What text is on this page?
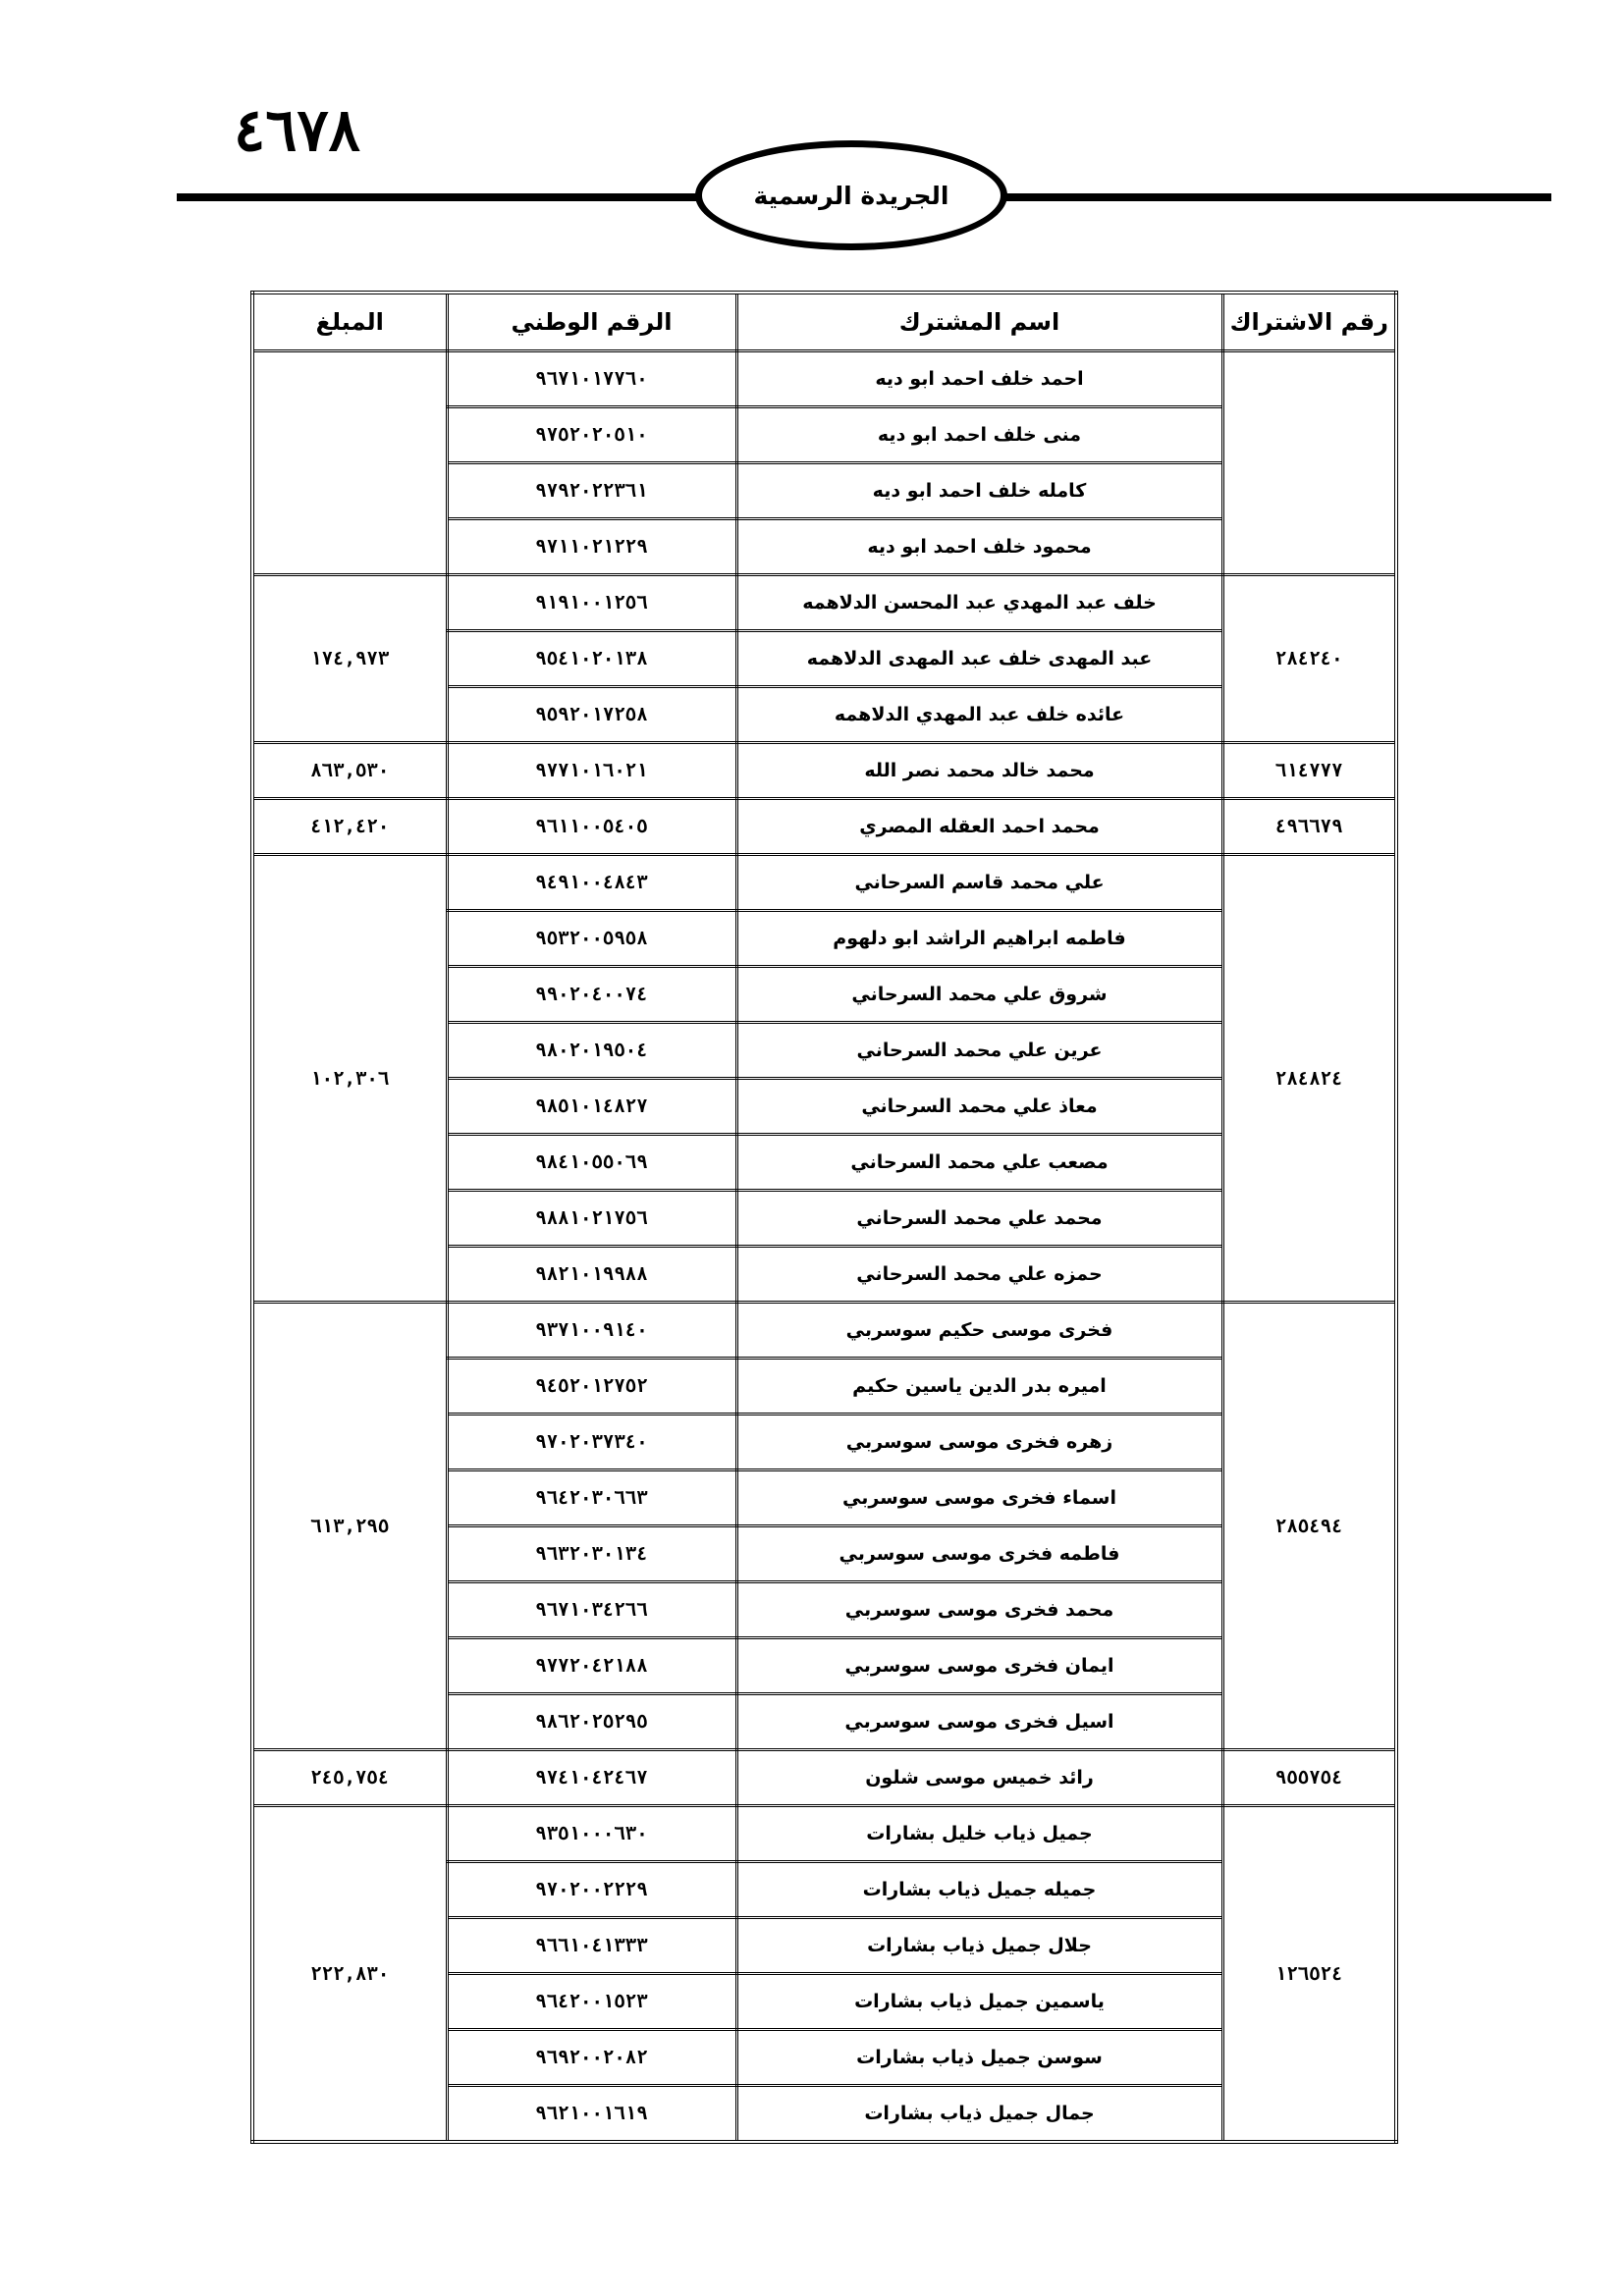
٤٦٧٨
الجريدة الرسمية
رقم الاشتراك	اسم المشترك	الرقم الوطني	المبلغ
	احمد خلف احمد ابو ديه	٩٦٧١٠١٧٧٦٠	
	منى خلف احمد ابو ديه	٩٧٥٢٠٢٠٥١٠	
	كامله خلف احمد ابو ديه	٩٧٩٢٠٢٢٣٦١	
	محمود خلف احمد ابو ديه	٩٧١١٠٢١٢٢٩	
٢٨٤٢٤٠	خلف عبد المهدي عبد المحسن الدلاهمه	٩١٩١٠٠١٢٥٦	١٧٤,٩٧٣
	عبد المهدى خلف عبد المهدى الدلاهمه	٩٥٤١٠٢٠١٣٨	
	عائده خلف عبد المهدي الدلاهمه	٩٥٩٢٠١٧٢٥٨	
٦١٤٧٧٧	محمد خالد محمد نصر الله	٩٧٧١٠١٦٠٢١	٨٦٣,٥٣٠
٤٩٦٦٧٩	محمد احمد العقله المصري	٩٦١١٠٠٥٤٠٥	٤١٢,٤٢٠
٢٨٤٨٢٤	علي محمد قاسم السرحاني	٩٤٩١٠٠٤٨٤٣	١٠٢,٣٠٦
	فاطمه ابراهيم الراشد ابو دلهوم	٩٥٣٢٠٠٥٩٥٨	
	شروق علي محمد السرحاني	٩٩٠٢٠٤٠٠٧٤	
	عرين علي محمد السرحاني	٩٨٠٢٠١٩٥٠٤	
	معاذ علي محمد السرحاني	٩٨٥١٠١٤٨٢٧	
	مصعب علي محمد السرحاني	٩٨٤١٠٥٥٠٦٩	
	محمد علي محمد السرحاني	٩٨٨١٠٢١٧٥٦	
	حمزه علي محمد السرحاني	٩٨٢١٠١٩٩٨٨	
٢٨٥٤٩٤	فخرى موسى حكيم سوسربي	٩٣٧١٠٠٩١٤٠	٦١٣,٢٩٥
	اميره بدر الدين ياسين حكيم	٩٤٥٢٠١٢٧٥٢	
	زهره فخرى موسى سوسربي	٩٧٠٢٠٣٧٣٤٠	
	اسماء فخرى موسى سوسربي	٩٦٤٢٠٣٠٦٦٣	
	فاطمه فخرى موسى سوسربي	٩٦٣٢٠٣٠١٣٤	
	محمد فخرى موسى سوسربي	٩٦٧١٠٣٤٢٦٦	
	ايمان فخرى موسى سوسربي	٩٧٧٢٠٤٢١٨٨	
	اسيل فخرى موسى سوسربي	٩٨٦٢٠٢٥٢٩٥	
٩٥٥٧٥٤	رائد خميس موسى شلون	٩٧٤١٠٤٢٤٦٧	٢٤٥,٧٥٤
١٢٦٥٢٤	جميل ذياب خليل بشارات	٩٣٥١٠٠٠٦٣٠	٢٢٢,٨٣٠
	جميله جميل ذياب بشارات	٩٧٠٢٠٠٢٢٢٩	
	جلال جميل ذياب بشارات	٩٦٦١٠٤١٣٣٣	
	ياسمين جميل ذياب بشارات	٩٦٤٢٠٠١٥٢٣	
	سوسن جميل ذياب بشارات	٩٦٩٢٠٠٢٠٨٢	
	جمال جميل ذياب بشارات	٩٦٢١٠٠١٦١٩	
